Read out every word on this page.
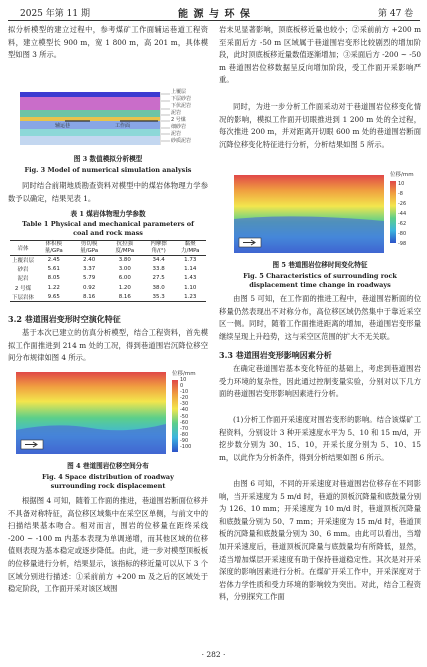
2025 年第 11 期	能 源 与 环 保	第 47 卷
拟分析模型的建立过程中，参考煤矿工作面辅运巷道工程资料，建立模型长 900 m，宽 1 800 m，高 201 m，具体模型如图 3 所示。
辅运巷	工作面
上覆层
下层砂岩
下伏泥岩
泥岩
2 号煤
细砂岩
泥岩
砂质泥岩
图 3 数值模拟分析模型
Fig. 3 Model of numerical simulation analysis
同时结合前期地质勘查资料对模型中的煤岩体物理力学参数予以确定，结果见表 1。
表 1 煤岩体物理力学参数
Table 1 Physical and mechanical parameters of
coal and rock mass
岩体	体积模量/GPa	剪切模量/GPa	抗拉强度/MPa	内摩擦角/(°)	黏聚力/MPa
上覆岩层	2.45	2.40	3.80	34.4	1.73
砂岩	5.61	3.37	3.00	33.8	1.14
泥岩	8.05	5.79	6.00	27.5	1.43
2 号煤	1.22	0.92	1.20	38.0	1.10
下层岩体	9.65	8.16	8.16	35.3	1.23
3.2 巷道围岩变形时空演化特征
基于本次已建立的仿真分析模型，结合工程资料，首先模拟工作面推进到 214 m 处的工况，得到巷道围岩沉降位移空间分布规律如图 4 所示。
位移/mm
10
0
-10
-20
-30
-40
-50
-60
-70
-80
-90
-100
图 4 巷道围岩位移空间分布
Fig. 4 Space distribution of roadway
surrounding rock displacement
根据图 4 可知，随着工作面的推进，巷道围岩断面位移并不具备对称特征，高位移区域集中在采空区单侧，与前文中的扫描结果基本吻合。相对而言，围岩的位移量在距终采线 -200 ~ -100 m 内基本表现为单调递增，而其他区域的位移值则表现为基本稳定或逐步降低。由此，进一步对模型顶板板的位移量进行分析，结果显示，该指标的移近量可以从下 3 个区域分别进行描述：①采前前方 +200 m 及之后的区域处于稳定阶段，工作面开采对该区域围
· 282 ·
岩未见显著影响，顶底板移近量也较小；②采前前方 +200 m 至采面后方 -50 m 区域属于巷道围岩变形比较剧烈的增加阶段，此时顶底板移近量数值逐渐增加；③采面后方 -200 ~ -50 m 巷道围岩位移数据呈反向增加阶段，受工作面开采影响严重。
同时，为进一步分析工作面采动对于巷道围岩位移变化情况的影响，模拟工作面开切眼推进到 1 200 m 处的全过程，每次推进 200 m，并对距离开切眼 600 m 处的巷道围岩断面沉降位移变化特征进行分析，分析结果如图 5 所示。
位移/mm
10
-8
-26
-44
-62
-80
-98
图 5 巷道围岩位移时间变化特征
Fig. 5 Characteristics of surrounding rock
displacement time change in roadways
由图 5 可知，在工作面的推进工程中，巷道围岩断面的位移量仍然表现出不对称分布，高位移区域仍然集中于靠近采空区一侧。同时，随着工作面推进距离的增加，巷道围岩变形量继续呈现上升趋势，这与采空区范围的扩大不无关联。
3.3 巷道围岩变形影响因素分析
在确定巷道围岩基本变化特征的基础上，考虑到巷道围岩受力环境的复杂性，因此通过控制变量实验，分别对以下几方面的巷道围岩变形影响因素进行分析。
(1)分析工作面开采速度对围岩变形的影响。结合该煤矿工程资料，分别设计 3 种开采速度水平为 5、10 和 15 m/d，开挖步数分别为 30、15、10，开采长度分别为 5、10、15 m，以此作为分析条件，得到分析结果如图 6 所示。
由图 6 可知，不同的开采速度对巷道围岩位移存在不同影响，当开采速度为 5 m/d 时，巷道的顶板沉降量和底鼓量分别为 126、10 mm；开采速度为 10 m/d 时，巷道顶板沉降量和底鼓量分别为 50、7 mm；开采速度为 15 m/d 时，巷道顶板的沉降量和底鼓量分别为 30、6 mm。由此可以看出，当增加开采速度后，巷道顶板沉降量与底鼓量均有所降低，显然，适当增加煤层开采速度有助于保持巷道稳定性。其次是对开采深度的影响因素进行分析。在煤矿开采工作中，开采深度对于岩体力学性质和受力环境的影响较为突出。对此，结合工程资料，分别探究工作面
